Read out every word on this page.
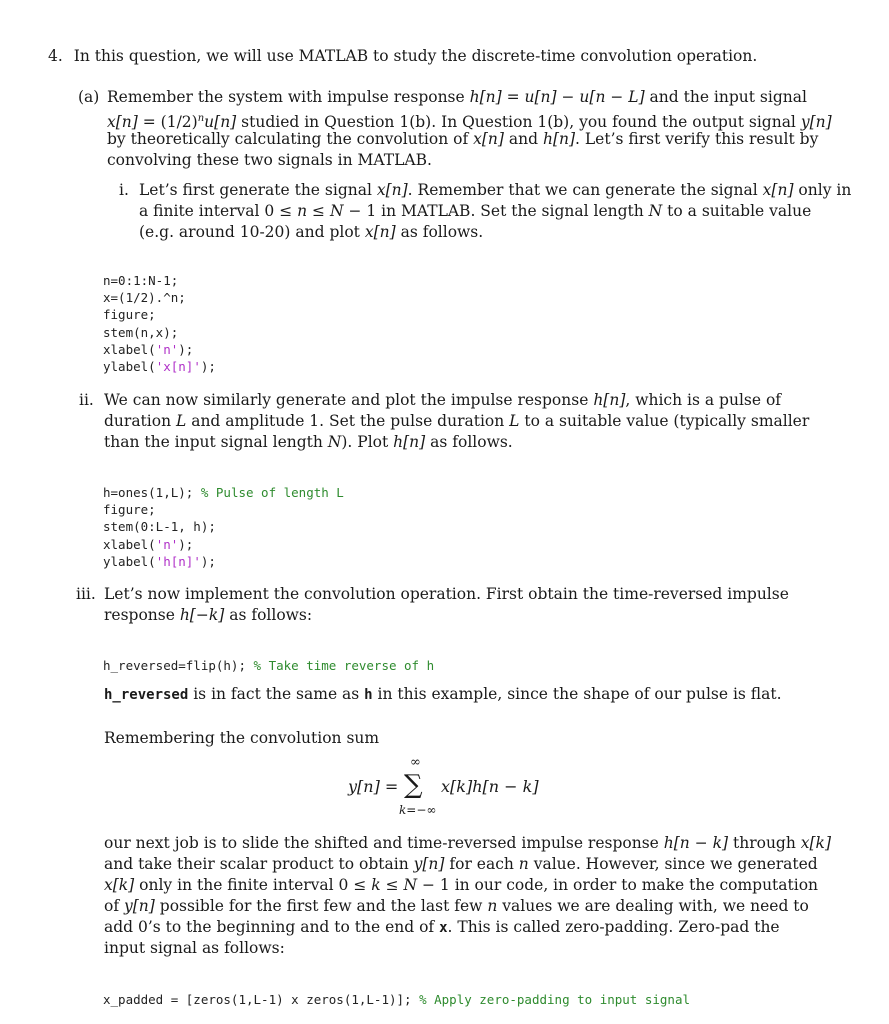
4. In this question, we will use MATLAB to study the discrete-time convolution operation.

(a) Remember the system with impulse response h[n] = u[n] − u[n − L] and the input signal

$x[n] = (1/2)^nu[n]$ studied in Question 1(b). In Question 1(b), you found the output signal y[n]

by theoretically calculating the convolution of x[n] and h[n]. Let’s first verify this result by

convolving these two signals in MATLAB.

i. Let’s first generate the signal x[n]. Remember that we can generate the signal x[n] only in

a finite interval 0 ≤ n ≤ N − 1 in MATLAB. Set the signal length N to a suitable value

(e.g. around 10-20) and plot x[n] as follows.

n=0:1:N-1;
x=(1/2).^n;
figure;
stem(n,x);
xlabel('n');
ylabel('x[n]');
ii. We can now similarly generate and plot the impulse response h[n], which is a pulse of

duration L and amplitude 1. Set the pulse duration L to a suitable value (typically smaller

than the input signal length N). Plot h[n] as follows.

h=ones(1,L); % Pulse of length L
figure;
stem(0:L-1, h);
xlabel('n');
ylabel('h[n]');
iii. Let’s now implement the convolution operation. First obtain the time-reversed impulse

response h[−k] as follows:

h_reversed=flip(h); % Take time reverse of h

h_reversed is in fact the same as h in this example, since the shape of our pulse is flat.

Remembering the convolution sum

y[n] =
∞
∑
k=−∞
x[k]h[n − k]

our next job is to slide the shifted and time-reversed impulse response h[n − k] through x[k]

and take their scalar product to obtain y[n] for each n value. However, since we generated

x[k] only in the finite interval 0 ≤ k ≤ N − 1 in our code, in order to make the computation

of y[n] possible for the first few and the last few n values we are dealing with, we need to

add 0’s to the beginning and to the end of x. This is called zero-padding. Zero-pad the

input signal as follows:

x_padded = [zeros(1,L-1) x zeros(1,L-1)]; % Apply zero-padding to input signal
